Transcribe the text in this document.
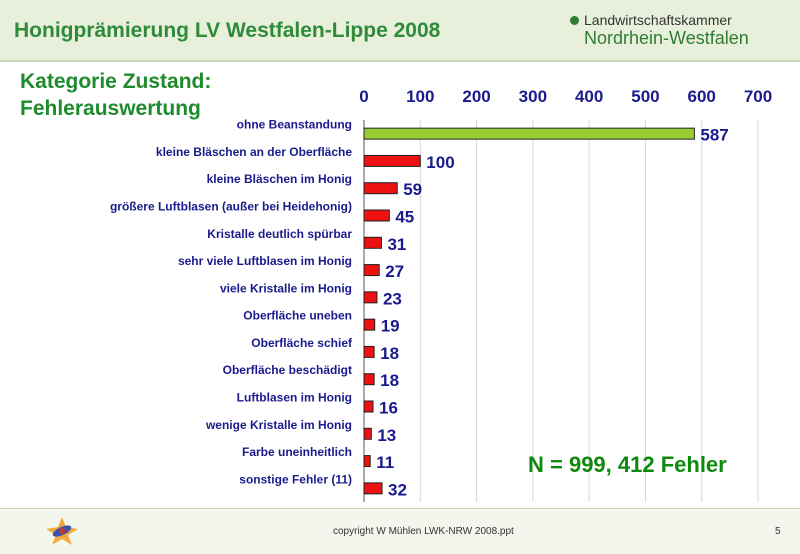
Honigprämierung LV Westfalen-Lippe 2008	Landwirtschaftskammer
Nordrhein-Westfalen
Kategorie Zustand:
Fehlerauswertung
0 100 200 300 400 500 600 700
ohne Beanstandung
587
kleine Bläschen an der Oberfläche
100
kleine Bläschen im Honig
59
größere Luftblasen (außer bei Heidehonig)
45
Kristalle deutlich spürbar
31
sehr viele Luftblasen im Honig
27
viele Kristalle im Honig
23
Oberfläche uneben
19
Oberfläche schief
18
Oberfläche beschädigt
18
Luftblasen im Honig
16
wenige Kristalle im Honig
13
Farbe uneinheitlich
11
sonstige Fehler (11)
32
N = 999, 412 Fehler
copyright W Mühlen LWK-NRW 2008.ppt	5
